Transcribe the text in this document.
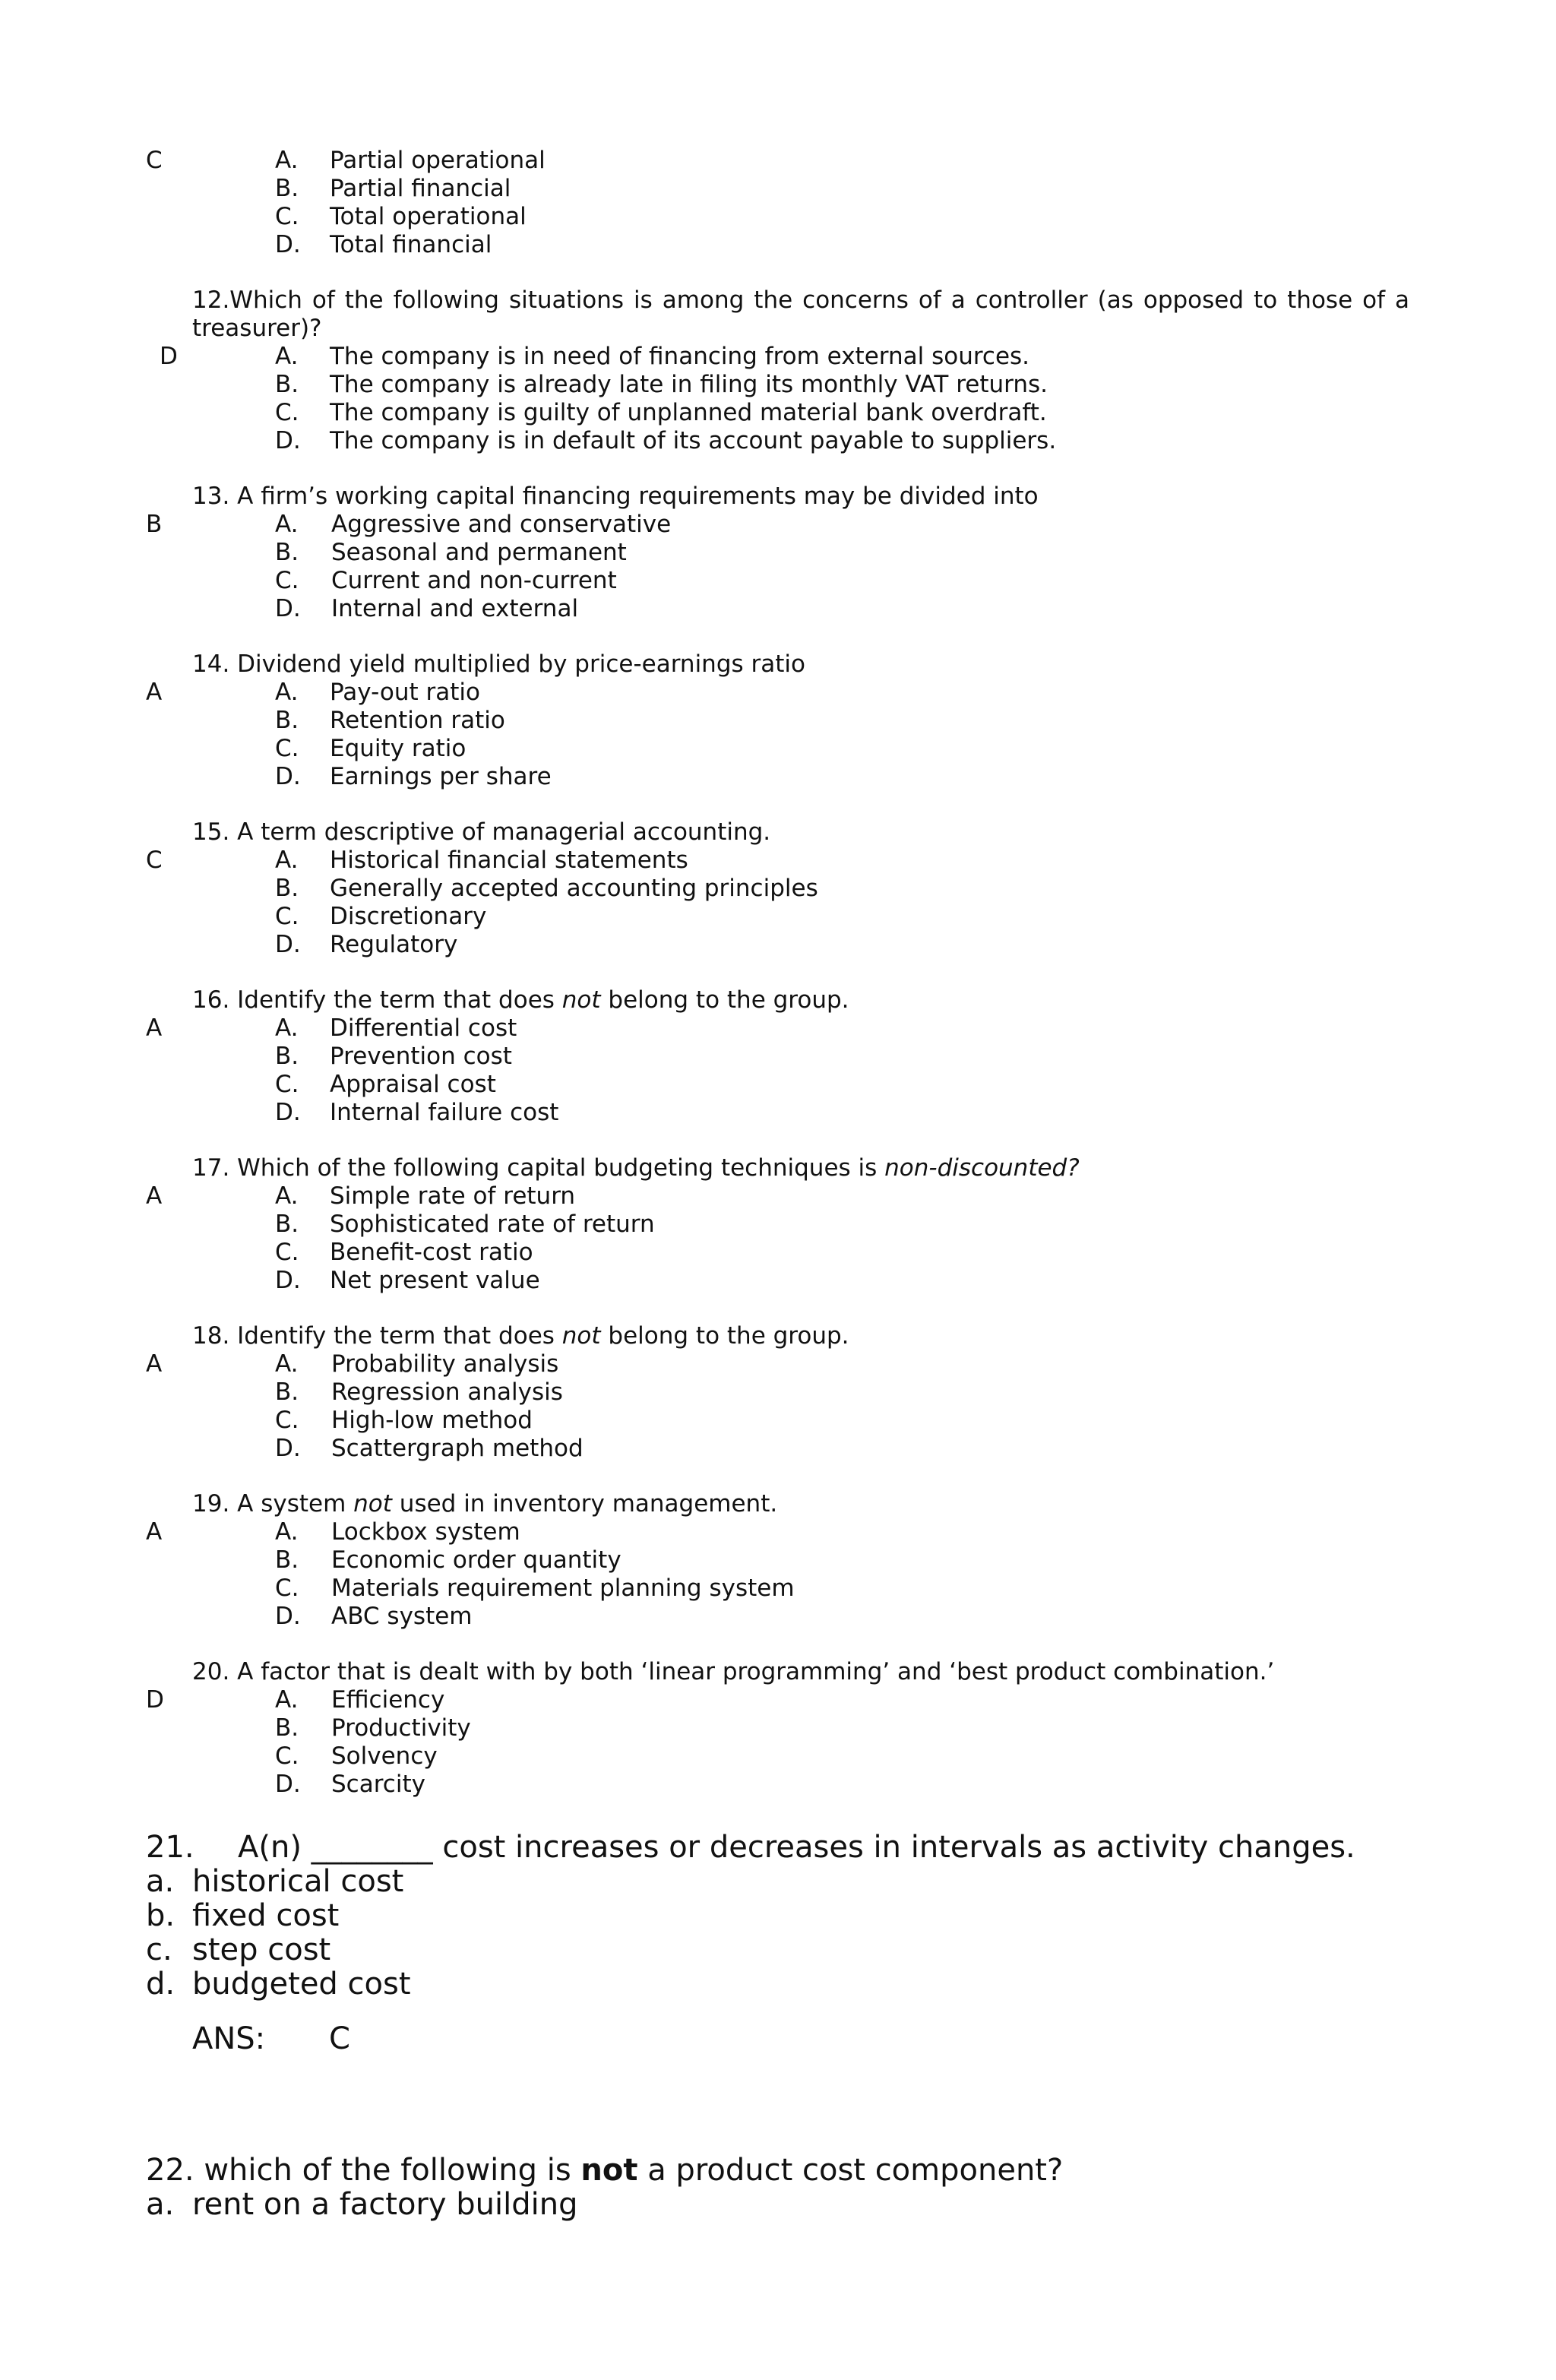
C	A. Partial operational
B. Partial financial
C. Total operational
D. Total financial
12.Which of the following situations is among the concerns of a controller (as opposed to those of a
treasurer)?
D	A. The company is in need of financing from external sources.
B. The company is already late in filing its monthly VAT returns.
C. The company is guilty of unplanned material bank overdraft.
D. The company is in default of its account payable to suppliers.
13. A firm’s working capital financing requirements may be divided into
B	A. Aggressive and conservative
B. Seasonal and permanent
C. Current and non-current
D. Internal and external
14. Dividend yield multiplied by price-earnings ratio
A	A. Pay-out ratio
B. Retention ratio
C. Equity ratio
D. Earnings per share
15. A term descriptive of managerial accounting.
C	A. Historical financial statements
B. Generally accepted accounting principles
C. Discretionary
D. Regulatory
16. Identify the term that does not belong to the group.
A	A. Differential cost
B. Prevention cost
C. Appraisal cost
D. Internal failure cost
17. Which of the following capital budgeting techniques is non-discounted?
A	A. Simple rate of return
B. Sophisticated rate of return
C. Benefit-cost ratio
D. Net present value
18. Identify the term that does not belong to the group.
A	A. Probability analysis
B. Regression analysis
C. High-low method
D. Scattergraph method
19. A system not used in inventory management.
A	A. Lockbox system
B. Economic order quantity
C. Materials requirement planning system
D. ABC system
20. A factor that is dealt with by both ‘linear programming’ and ‘best product combination.’
D	A. Efficiency
B. Productivity
C. Solvency
D. Scarcity
21. A(n) ________ cost increases or decreases in intervals as activity changes.
a. historical cost
b. fixed cost
c. step cost
d. budgeted cost
ANS: C
22. which of the following is not a product cost component?
a. rent on a factory building
